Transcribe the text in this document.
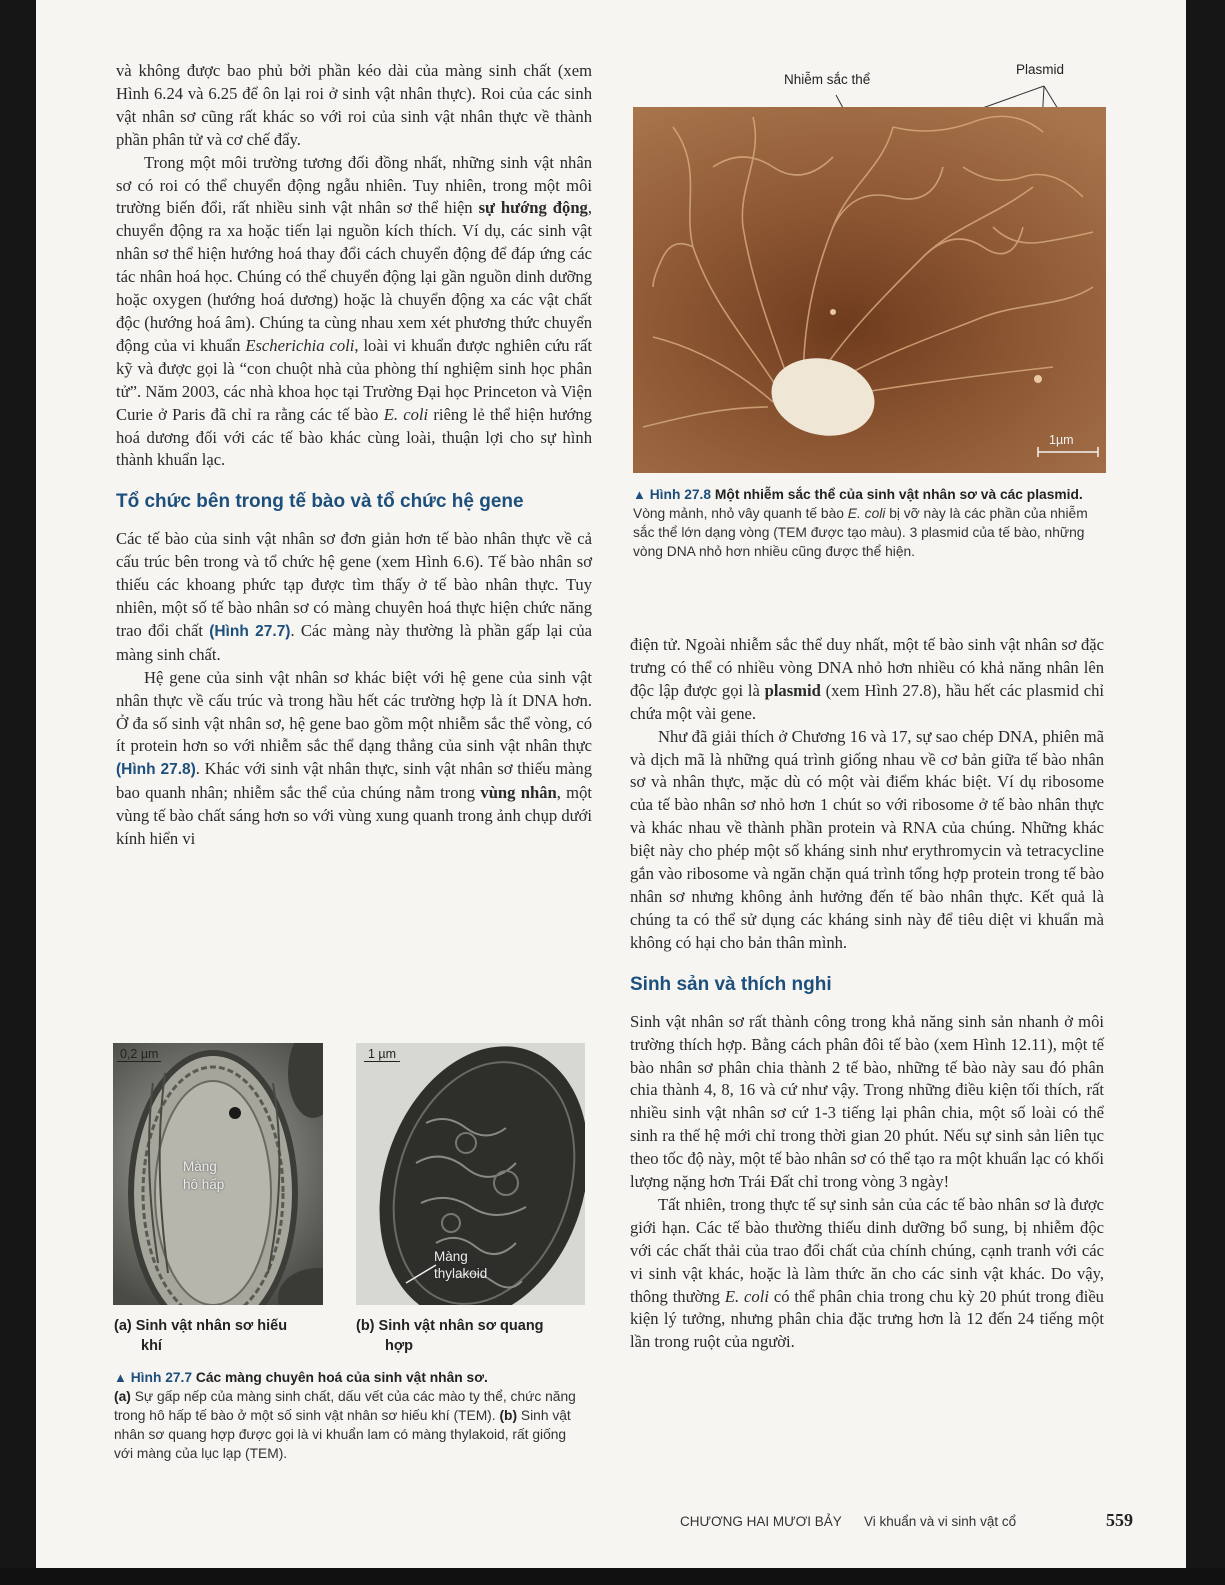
và không được bao phủ bởi phần kéo dài của màng sinh chất (xem Hình 6.24 và 6.25 để ôn lại roi ở sinh vật nhân thực). Roi của các sinh vật nhân sơ cũng rất khác so với roi của sinh vật nhân thực về thành phần phân tử và cơ chế đẩy.

Trong một môi trường tương đối đồng nhất, những sinh vật nhân sơ có roi có thể chuyển động ngẫu nhiên. Tuy nhiên, trong một môi trường biến đổi, rất nhiều sinh vật nhân sơ thể hiện sự hướng động, chuyển động ra xa hoặc tiến lại nguồn kích thích. Ví dụ, các sinh vật nhân sơ thể hiện hướng hoá thay đổi cách chuyển động để đáp ứng các tác nhân hoá học. Chúng có thể chuyển động lại gần nguồn dinh dưỡng hoặc oxygen (hướng hoá dương) hoặc là chuyển động xa các vật chất độc (hướng hoá âm). Chúng ta cùng nhau xem xét phương thức chuyển động của vi khuẩn Escherichia coli, loài vi khuẩn được nghiên cứu rất kỹ và được gọi là “con chuột nhà của phòng thí nghiệm sinh học phân tử”. Năm 2003, các nhà khoa học tại Trường Đại học Princeton và Viện Curie ở Paris đã chỉ ra rằng các tế bào E. coli riêng lẻ thể hiện hướng hoá dương đối với các tế bào khác cùng loài, thuận lợi cho sự hình thành khuẩn lạc.

Tổ chức bên trong tế bào và tổ chức hệ gene

Các tế bào của sinh vật nhân sơ đơn giản hơn tế bào nhân thực về cả cấu trúc bên trong và tổ chức hệ gene (xem Hình 6.6). Tế bào nhân sơ thiếu các khoang phức tạp được tìm thấy ở tế bào nhân thực. Tuy nhiên, một số tế bào nhân sơ có màng chuyên hoá thực hiện chức năng trao đổi chất (Hình 27.7). Các màng này thường là phần gấp lại của màng sinh chất.

Hệ gene của sinh vật nhân sơ khác biệt với hệ gene của sinh vật nhân thực về cấu trúc và trong hầu hết các trường hợp là ít DNA hơn. Ở đa số sinh vật nhân sơ, hệ gene bao gồm một nhiễm sắc thể vòng, có ít protein hơn so với nhiễm sắc thể dạng thẳng của sinh vật nhân thực (Hình 27.8). Khác với sinh vật nhân thực, sinh vật nhân sơ thiếu màng bao quanh nhân; nhiễm sắc thể của chúng nằm trong vùng nhân, một vùng tế bào chất sáng hơn so với vùng xung quanh trong ảnh chụp dưới kính hiển vi

0,2 µm
Màng
hô hấp
1 µm
Màng
thylakoid
(a) Sinh vật nhân sơ hiếu
khí
(b) Sinh vật nhân sơ quang
hợp
▲ Hình 27.7 Các màng chuyên hoá của sinh vật nhân sơ.
(a) Sự gấp nếp của màng sinh chất, dấu vết của các mào ty thể, chức năng trong hô hấp tế bào ở một số sinh vật nhân sơ hiếu khí (TEM). (b) Sinh vật nhân sơ quang hợp được gọi là vi khuẩn lam có màng thylakoid, rất giống với màng của lục lạp (TEM).
Nhiễm sắc thể
Plasmid
1µm
▲ Hình 27.8 Một nhiễm sắc thể của sinh vật nhân sơ và các plasmid. Vòng mảnh, nhỏ vây quanh tế bào E. coli bị vỡ này là các phần của nhiễm sắc thể lớn dạng vòng (TEM được tạo màu). 3 plasmid của tế bào, những vòng DNA nhỏ hơn nhiều cũng được thể hiện.

điện tử. Ngoài nhiễm sắc thể duy nhất, một tế bào sinh vật nhân sơ đặc trưng có thể có nhiều vòng DNA nhỏ hơn nhiều có khả năng nhân lên độc lập được gọi là plasmid (xem Hình 27.8), hầu hết các plasmid chỉ chứa một vài gene.

Như đã giải thích ở Chương 16 và 17, sự sao chép DNA, phiên mã và dịch mã là những quá trình giống nhau về cơ bản giữa tế bào nhân sơ và nhân thực, mặc dù có một vài điểm khác biệt. Ví dụ ribosome của tế bào nhân sơ nhỏ hơn 1 chút so với ribosome ở tế bào nhân thực và khác nhau về thành phần protein và RNA của chúng. Những khác biệt này cho phép một số kháng sinh như erythromycin và tetracycline gắn vào ribosome và ngăn chặn quá trình tổng hợp protein trong tế bào nhân sơ nhưng không ảnh hưởng đến tế bào nhân thực. Kết quả là chúng ta có thể sử dụng các kháng sinh này để tiêu diệt vi khuẩn mà không có hại cho bản thân mình.

Sinh sản và thích nghi

Sinh vật nhân sơ rất thành công trong khả năng sinh sản nhanh ở môi trường thích hợp. Bằng cách phân đôi tế bào (xem Hình 12.11), một tế bào nhân sơ phân chia thành 2 tế bào, những tế bào này sau đó phân chia thành 4, 8, 16 và cứ như vậy. Trong những điều kiện tối thích, rất nhiều sinh vật nhân sơ cứ 1-3 tiếng lại phân chia, một số loài có thể sinh ra thế hệ mới chỉ trong thời gian 20 phút. Nếu sự sinh sản liên tục theo tốc độ này, một tế bào nhân sơ có thể tạo ra một khuẩn lạc có khối lượng nặng hơn Trái Đất chỉ trong vòng 3 ngày!

Tất nhiên, trong thực tế sự sinh sản của các tế bào nhân sơ là được giới hạn. Các tế bào thường thiếu dinh dưỡng bổ sung, bị nhiễm độc với các chất thải của trao đổi chất của chính chúng, cạnh tranh với các vi sinh vật khác, hoặc là làm thức ăn cho các sinh vật khác. Do vậy, thông thường E. coli có thể phân chia trong chu kỳ 20 phút trong điều kiện lý tưởng, nhưng phân chia đặc trưng hơn là 12 đến 24 tiếng một lần trong ruột của người.

CHƯƠNG HAI MƯƠI BẢY Vi khuẩn và vi sinh vật cổ	559
